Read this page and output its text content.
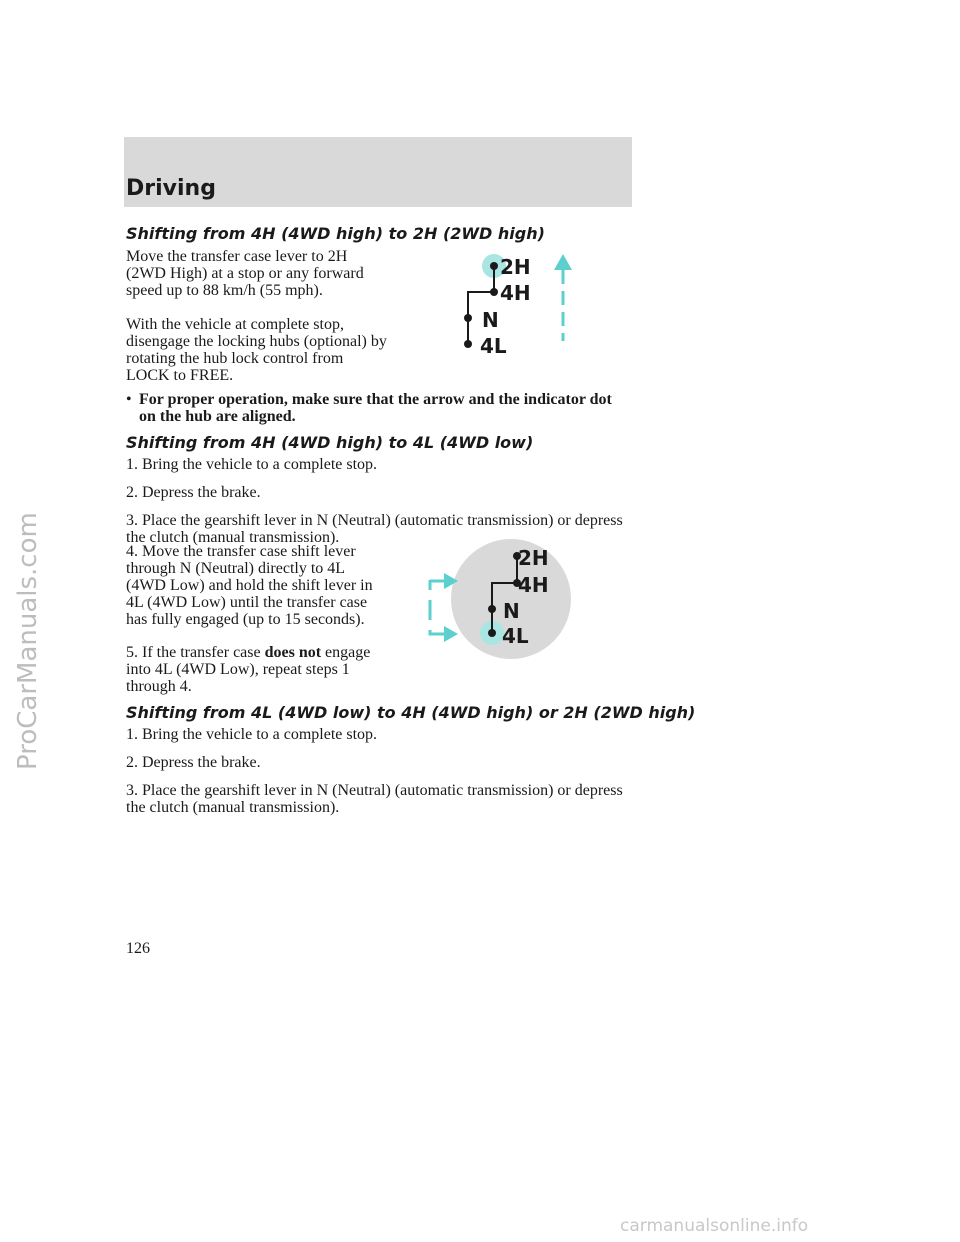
Driving
ProCarManuals.com
Shifting from 4H (4WD high) to 2H (2WD high)
Move the transfer case lever to 2H (2WD High) at a stop or any forward speed up to 88 km/h (55 mph).
With the vehicle at complete stop, disengage the locking hubs (optional) by rotating the hub lock control from LOCK to FREE.
• For proper operation, make sure that the arrow and the indicator dot on the hub are aligned.
2H
4H
N
4L
Shifting from 4H (4WD high) to 4L (4WD low)
1. Bring the vehicle to a complete stop.
2. Depress the brake.
3. Place the gearshift lever in N (Neutral) (automatic transmission) or depress the clutch (manual transmission).
4. Move the transfer case shift lever through N (Neutral) directly to 4L (4WD Low) and hold the shift lever in 4L (4WD Low) until the transfer case has fully engaged (up to 15 seconds).
5. If the transfer case does not engage into 4L (4WD Low), repeat steps 1 through 4.
2H
4H
N
4L
Shifting from 4L (4WD low) to 4H (4WD high) or 2H (2WD high)
1. Bring the vehicle to a complete stop.
2. Depress the brake.
3. Place the gearshift lever in N (Neutral) (automatic transmission) or depress the clutch (manual transmission).
126
carmanualsonline.info
